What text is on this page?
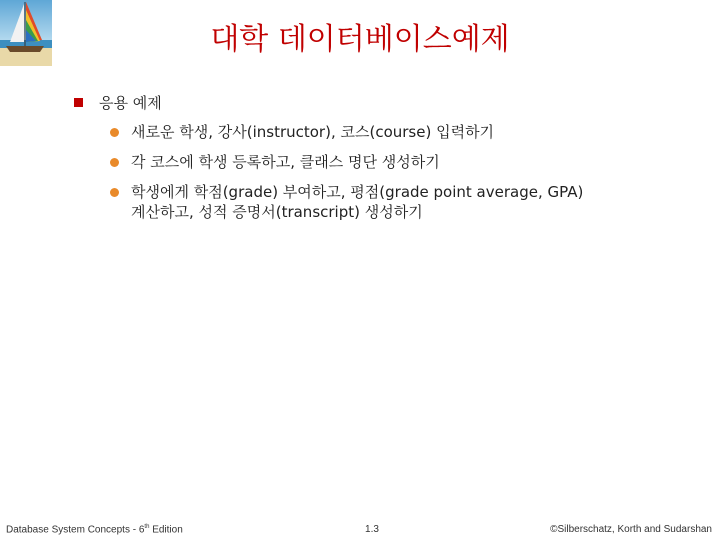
대학 데이터베이스예제
응용 예제
새로운 학생, 강사(instructor), 코스(course) 입력하기
각 코스에 학생 등록하고, 클래스 명단 생성하기
학생에게 학점(grade) 부여하고, 평점(grade point average, GPA)
계산하고, 성적 증명서(transcript) 생성하기
Database System Concepts - 6th Edition	1.3	©Silberschatz, Korth and Sudarshan
